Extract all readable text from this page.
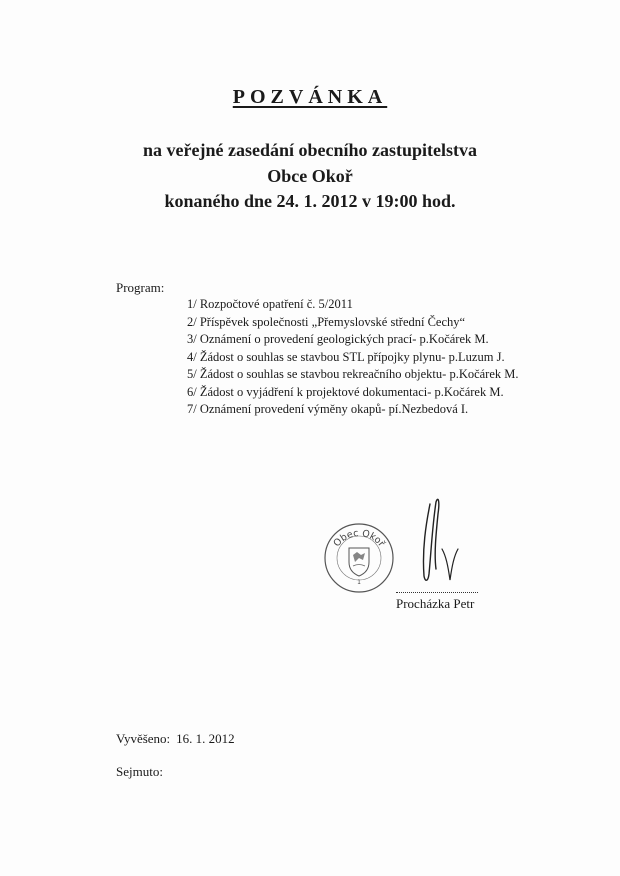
POZVÁNKA
na veřejné zasedání obecního zastupitelstva
Obce Okoř
konaného dne 24. 1. 2012 v 19:00 hod.
Program:
1/ Rozpočtové opatření č. 5/2011
2/ Příspěvek společnosti „Přemyslovské střední Čechy“
3/ Oznámení o provedení geologických prací- p.Kočárek M.
4/ Žádost o souhlas se stavbou STL přípojky plynu- p.Luzum J.
5/ Žádost o souhlas se stavbou rekreačního objektu- p.Kočárek M.
6/ Žádost o vyjádření k projektové dokumentaci- p.Kočárek M.
7/ Oznámení provedení výměny okapů- pí.Nezbedová I.
Obec Okoř
1
Procházka Petr
Vyvěšeno: 16. 1. 2012
Sejmuto:
